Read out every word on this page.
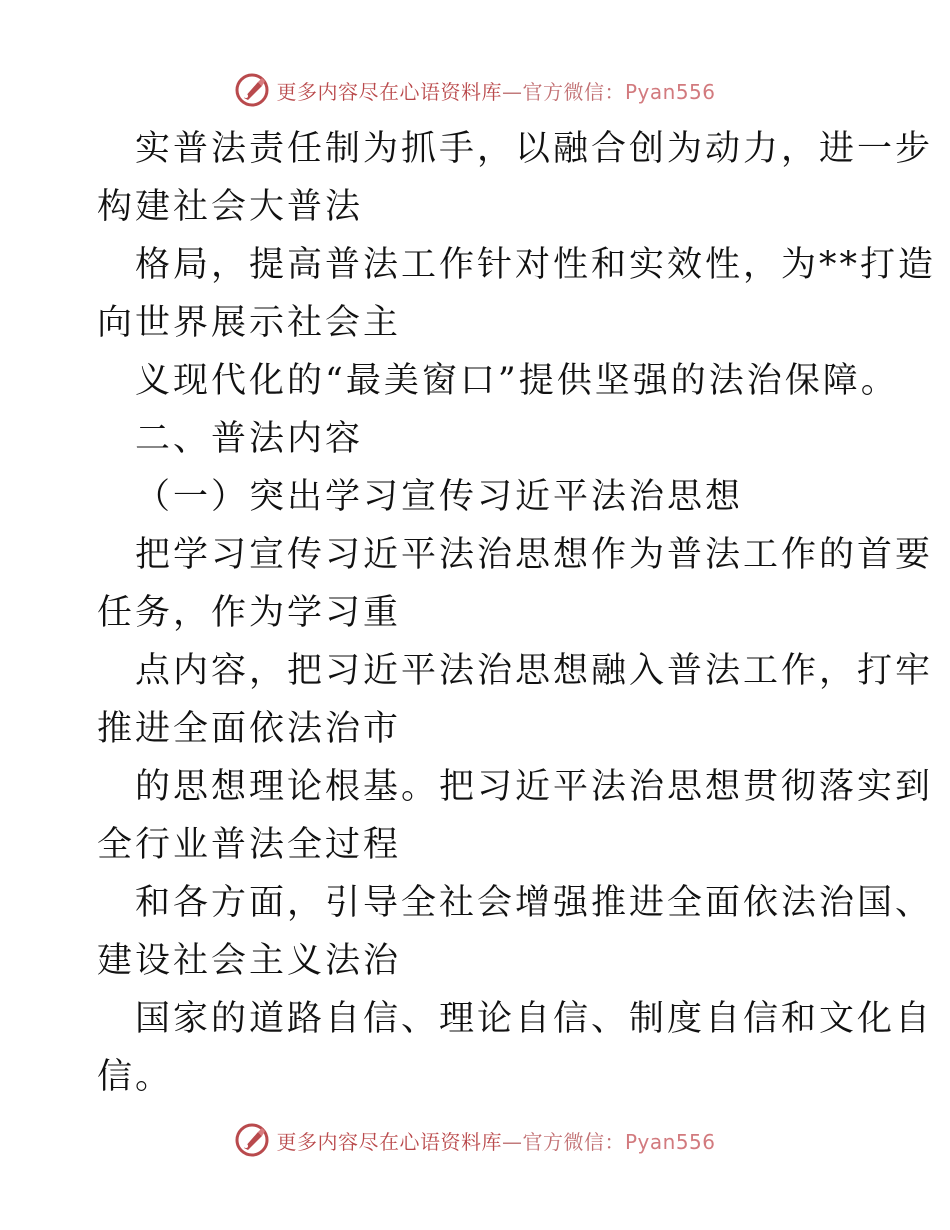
更多内容尽在心语资料库—官方微信：Pyan556
实普法责任制为抓手，以融合创为动力，进一步
构建社会大普法
格局，提高普法工作针对性和实效性，为**打造
向世界展示社会主
义现代化的“最美窗口”提供坚强的法治保障。
二、普法内容
（一）突出学习宣传习近平法治思想
把学习宣传习近平法治思想作为普法工作的首要
任务，作为学习重
点内容，把习近平法治思想融入普法工作，打牢
推进全面依法治市
的思想理论根基。把习近平法治思想贯彻落实到
全行业普法全过程
和各方面，引导全社会增强推进全面依法治国、
建设社会主义法治
国家的道路自信、理论自信、制度自信和文化自
信。
更多内容尽在心语资料库—官方微信：Pyan556
